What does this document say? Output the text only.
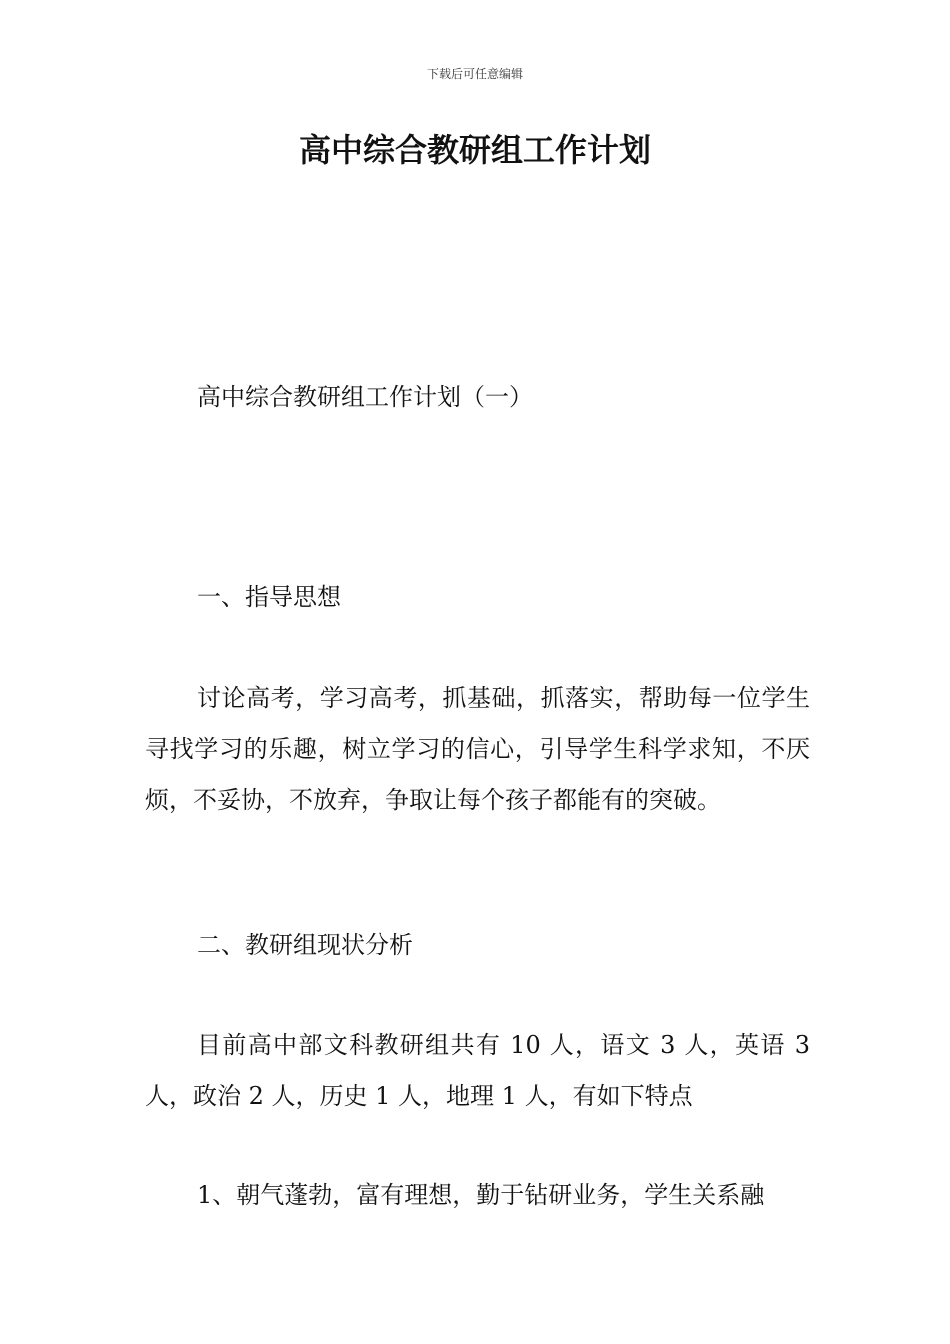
下载后可任意编辑
高中综合教研组工作计划

高中综合教研组工作计划（一）

一、指导思想

讨论高考，学习高考，抓基础，抓落实，帮助每一位学生寻找学习的乐趣，树立学习的信心，引导学生科学求知，不厌烦，不妥协，不放弃，争取让每个孩子都能有的突破。

二、教研组现状分析

目前高中部文科教研组共有 10 人，语文 3 人，英语 3 人，政治 2 人，历史 1 人，地理 1 人，有如下特点

1、朝气蓬勃，富有理想，勤于钻研业务，学生关系融
